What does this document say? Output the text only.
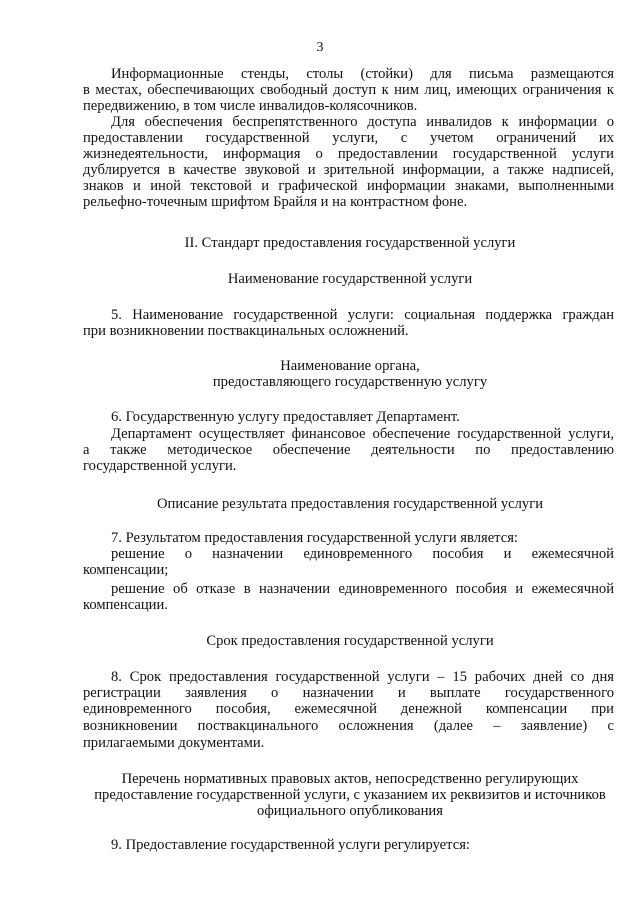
3
Информационные стенды, столы (стойки) для письма размещаются
в местах, обеспечивающих свободный доступ к ним лиц, имеющих ограничения к
передвижению, в том числе инвалидов-колясочников.
Для обеспечения беспрепятственного доступа инвалидов к информации о
предоставлении государственной услуги, с учетом ограничений их
жизнедеятельности, информация о предоставлении государственной услуги
дублируется в качестве звуковой и зрительной информации, а также надписей,
знаков и иной текстовой и графической информации знаками, выполненными
рельефно-точечным шрифтом Брайля и на контрастном фоне.
II. Стандарт предоставления государственной услуги
Наименование государственной услуги
5. Наименование государственной услуги: социальная поддержка граждан
при возникновении поствакцинальных осложнений.
Наименование органа,
предоставляющего государственную услугу
6. Государственную услугу предоставляет Департамент.
Департамент осуществляет финансовое обеспечение государственной услуги,
а также методическое обеспечение деятельности по предоставлению
государственной услуги.
Описание результата предоставления государственной услуги
7. Результатом предоставления государственной услуги является:
решение о назначении единовременного пособия и ежемесячной
компенсации;
решение об отказе в назначении единовременного пособия и ежемесячной
компенсации.
Срок предоставления государственной услуги
8. Срок предоставления государственной услуги – 15 рабочих дней со дня
регистрации заявления о назначении и выплате государственного
единовременного пособия, ежемесячной денежной компенсации при
возникновении поствакцинального осложнения (далее – заявление) с
прилагаемыми документами.
Перечень нормативных правовых актов, непосредственно регулирующих
предоставление государственной услуги, с указанием их реквизитов и источников
официального опубликования
9. Предоставление государственной услуги регулируется:
